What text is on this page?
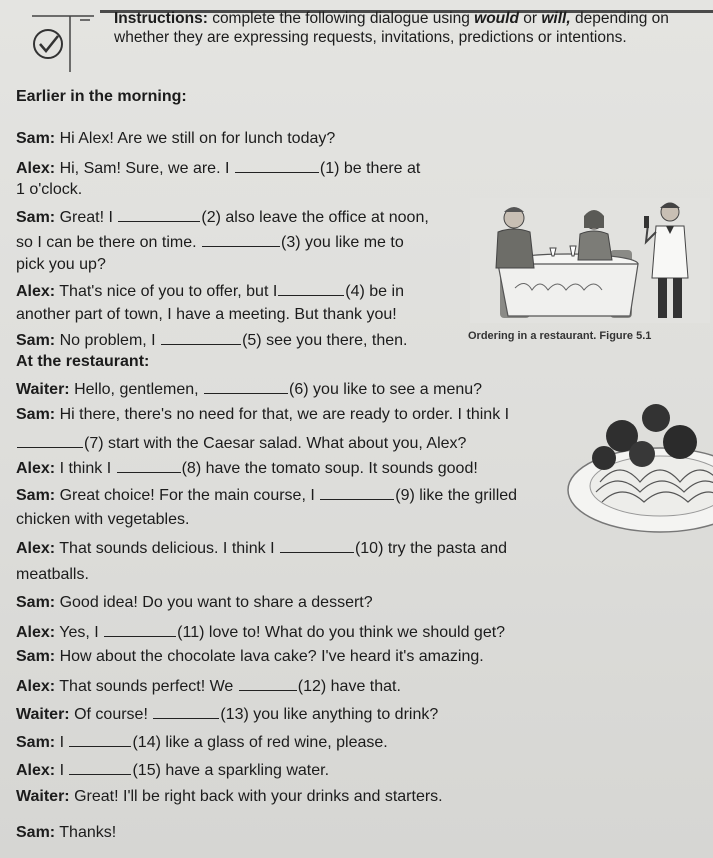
Instructions: complete the following dialogue using would or will, depending on
whether they are expressing requests, invitations, predictions or intentions.
Earlier in the morning:
Sam: Hi Alex! Are we still on for lunch today?
Alex: Hi, Sam! Sure, we are. I	(1) be there at
1 o'clock.
Sam: Great! I	(2) also leave the office at noon,
so I can be there on time.	(3) you like me to
pick you up?
Alex: That's nice of you to offer, but I	(4) be in
another part of town, I have a meeting. But thank you!
Sam: No problem, I	(5) see you there, then.	Ordering in a restaurant. Figure 5.1
At the restaurant:
Waiter: Hello, gentlemen,	(6) you like to see a menu?
Sam: Hi there, there's no need for that, we are ready to order. I think I
(7) start with the Caesar salad. What about you, Alex?
Alex: I think I	(8) have the tomato soup. It sounds good!
Sam: Great choice! For the main course, I	(9) like the grilled
chicken with vegetables.
Alex: That sounds delicious. I think I	(10) try the pasta and
meatballs.
Sam: Good idea! Do you want to share a dessert?
Alex: Yes, I	(11) love to! What do you think we should get?
Sam: How about the chocolate lava cake? I've heard it's amazing.
Alex: That sounds perfect! We	(12) have that.
Waiter: Of course!	(13) you like anything to drink?
Sam: I	(14) like a glass of red wine, please.
Alex: I	(15) have a sparkling water.
Waiter: Great! I'll be right back with your drinks and starters.
Sam: Thanks!
